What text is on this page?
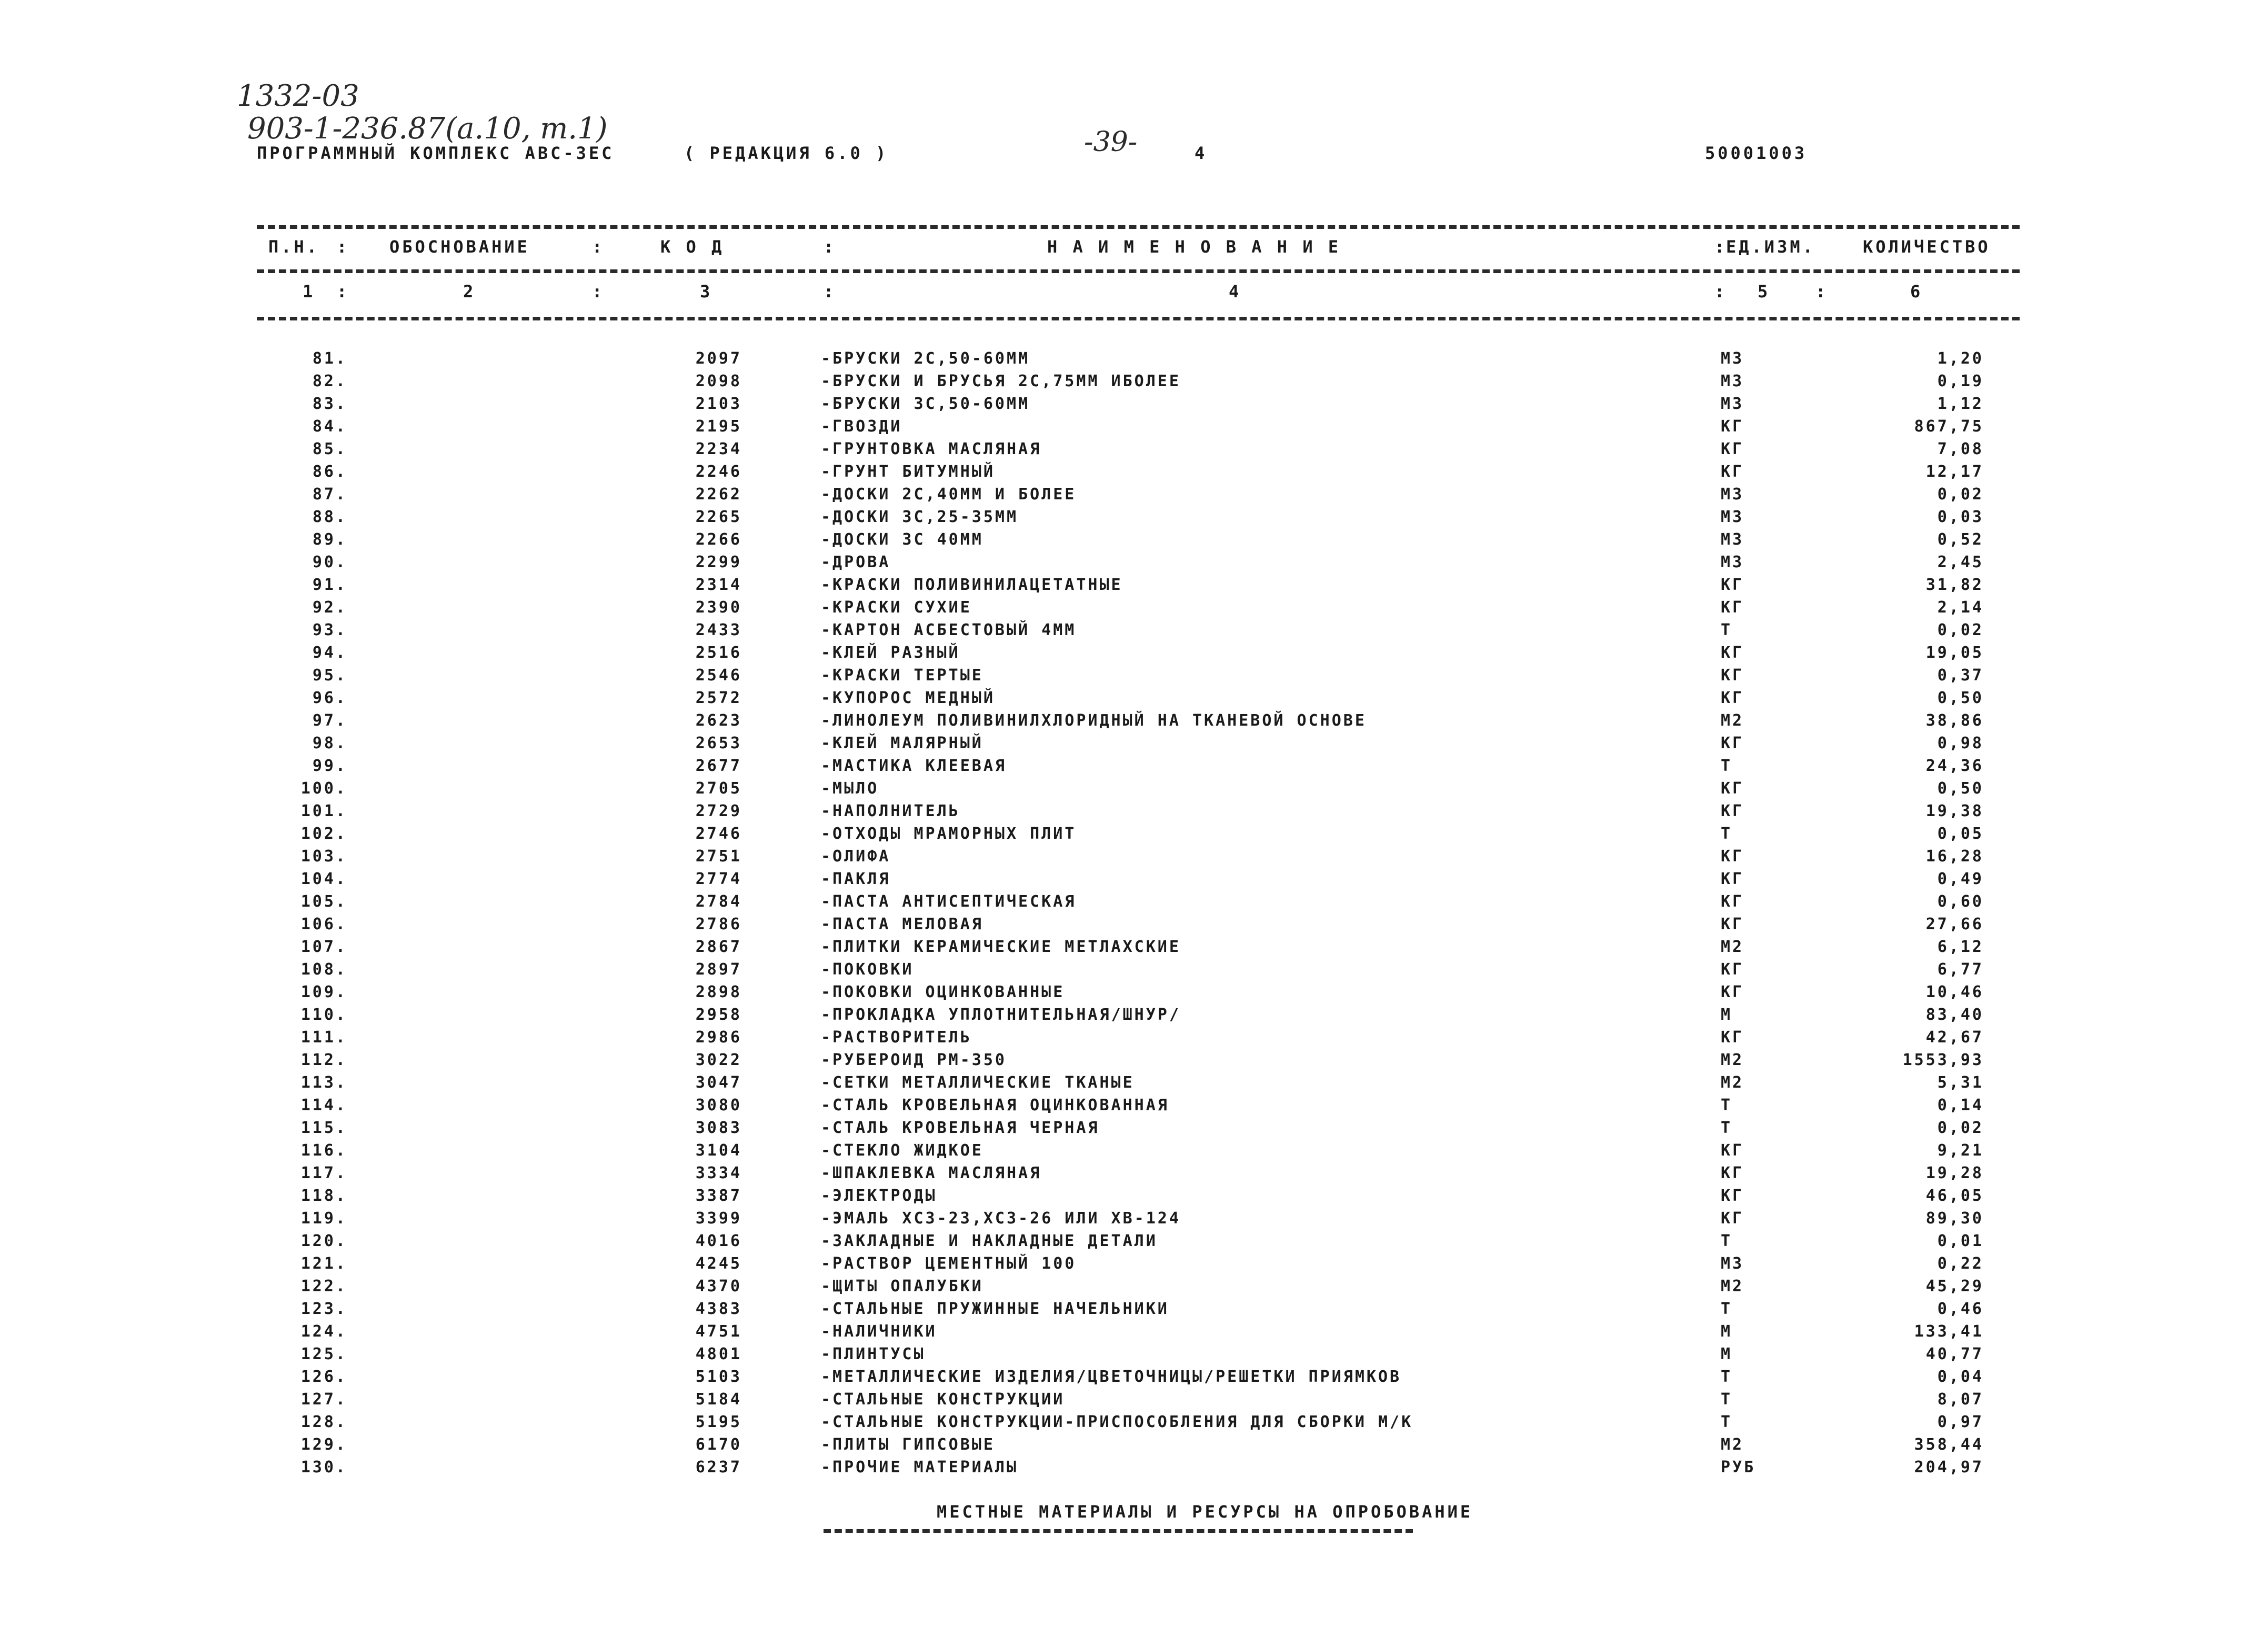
1332-03
903-1-236.87(а.10, т.1)	-39-
ПРОГРАММНЫЙ КОМПЛЕКС АВС-3ЕС	( РЕДАКЦИЯ 6.0 )	4	50001003
П.Н. :	ОБОСНОВАНИЕ	:	К О Д	:	Н А И М Е Н О В А Н И Е	: ЕД.ИЗМ.	КОЛИЧЕСТВО
1 :	2	:	3	:	4	: 5	:	6
81.	2097	-БРУСКИ 2С,50-60ММ	М3	1,20
82.	2098	-БРУСКИ И БРУСЬЯ 2С,75ММ ИБОЛЕЕ	М3	0,19
83.	2103	-БРУСКИ 3С,50-60ММ	М3	1,12
84.	2195	-ГВОЗДИ	КГ	867,75
85.	2234	-ГРУНТОВКА МАСЛЯНАЯ	КГ	7,08
86.	2246	-ГРУНТ БИТУМНЫЙ	КГ	12,17
87.	2262	-ДОСКИ 2С,40ММ И БОЛЕЕ	М3	0,02
88.	2265	-ДОСКИ 3С,25-35ММ	М3	0,03
89.	2266	-ДОСКИ 3С 40ММ	М3	0,52
90.	2299	-ДРОВА	М3	2,45
91.	2314	-КРАСКИ ПОЛИВИНИЛАЦЕТАТНЫЕ	КГ	31,82
92.	2390	-КРАСКИ СУХИЕ	КГ	2,14
93.	2433	-КАРТОН АСБЕСТОВЫЙ 4ММ	Т	0,02
94.	2516	-КЛЕЙ РАЗНЫЙ	КГ	19,05
95.	2546	-КРАСКИ ТЕРТЫЕ	КГ	0,37
96.	2572	-КУПОРОС МЕДНЫЙ	КГ	0,50
97.	2623	-ЛИНОЛЕУМ ПОЛИВИНИЛХЛОРИДНЫЙ НА ТКАНЕВОЙ ОСНОВЕ	М2	38,86
98.	2653	-КЛЕЙ МАЛЯРНЫЙ	КГ	0,98
99.	2677	-МАСТИКА КЛЕЕВАЯ	Т	24,36
100.	2705	-МЫЛО	КГ	0,50
101.	2729	-НАПОЛНИТЕЛЬ	КГ	19,38
102.	2746	-ОТХОДЫ МРАМОРНЫХ ПЛИТ	Т	0,05
103.	2751	-ОЛИФА	КГ	16,28
104.	2774	-ПАКЛЯ	КГ	0,49
105.	2784	-ПАСТА АНТИСЕПТИЧЕСКАЯ	КГ	0,60
106.	2786	-ПАСТА МЕЛОВАЯ	КГ	27,66
107.	2867	-ПЛИТКИ КЕРАМИЧЕСКИЕ МЕТЛАХСКИЕ	М2	6,12
108.	2897	-ПОКОВКИ	КГ	6,77
109.	2898	-ПОКОВКИ ОЦИНКОВАННЫЕ	КГ	10,46
110.	2958	-ПРОКЛАДКА УПЛОТНИТЕЛЬНАЯ/ШНУР/	М	83,40
111.	2986	-РАСТВОРИТЕЛЬ	КГ	42,67
112.	3022	-РУБЕРОИД РМ-350	М2	1553,93
113.	3047	-СЕТКИ МЕТАЛЛИЧЕСКИЕ ТКАНЫЕ	М2	5,31
114.	3080	-СТАЛЬ КРОВЕЛЬНАЯ ОЦИНКОВАННАЯ	Т	0,14
115.	3083	-СТАЛЬ КРОВЕЛЬНАЯ ЧЕРНАЯ	Т	0,02
116.	3104	-СТЕКЛО ЖИДКОЕ	КГ	9,21
117.	3334	-ШПАКЛЕВКА МАСЛЯНАЯ	КГ	19,28
118.	3387	-ЭЛЕКТРОДЫ	КГ	46,05
119.	3399	-ЭМАЛЬ ХС3-23,ХС3-26 ИЛИ ХВ-124	КГ	89,30
120.	4016	-ЗАКЛАДНЫЕ И НАКЛАДНЫЕ ДЕТАЛИ	Т	0,01
121.	4245	-РАСТВОР ЦЕМЕНТНЫЙ 100	М3	0,22
122.	4370	-ЩИТЫ ОПАЛУБКИ	М2	45,29
123.	4383	-СТАЛЬНЫЕ ПРУЖИННЫЕ НАЧЕЛЬНИКИ	Т	0,46
124.	4751	-НАЛИЧНИКИ	М	133,41
125.	4801	-ПЛИНТУСЫ	М	40,77
126.	5103	-МЕТАЛЛИЧЕСКИЕ ИЗДЕЛИЯ/ЦВЕТОЧНИЦЫ/РЕШЕТКИ ПРИЯМКОВ	Т	0,04
127.	5184	-СТАЛЬНЫЕ КОНСТРУКЦИИ	Т	8,07
128.	5195	-СТАЛЬНЫЕ КОНСТРУКЦИИ-ПРИСПОСОБЛЕНИЯ ДЛЯ СБОРКИ М/К	Т	0,97
129.	6170	-ПЛИТЫ ГИПСОВЫЕ	М2	358,44
130.	6237	-ПРОЧИЕ МАТЕРИАЛЫ	РУБ	204,97
МЕСТНЫЕ МАТЕРИАЛЫ И РЕСУРСЫ НА ОПРОБОВАНИЕ
